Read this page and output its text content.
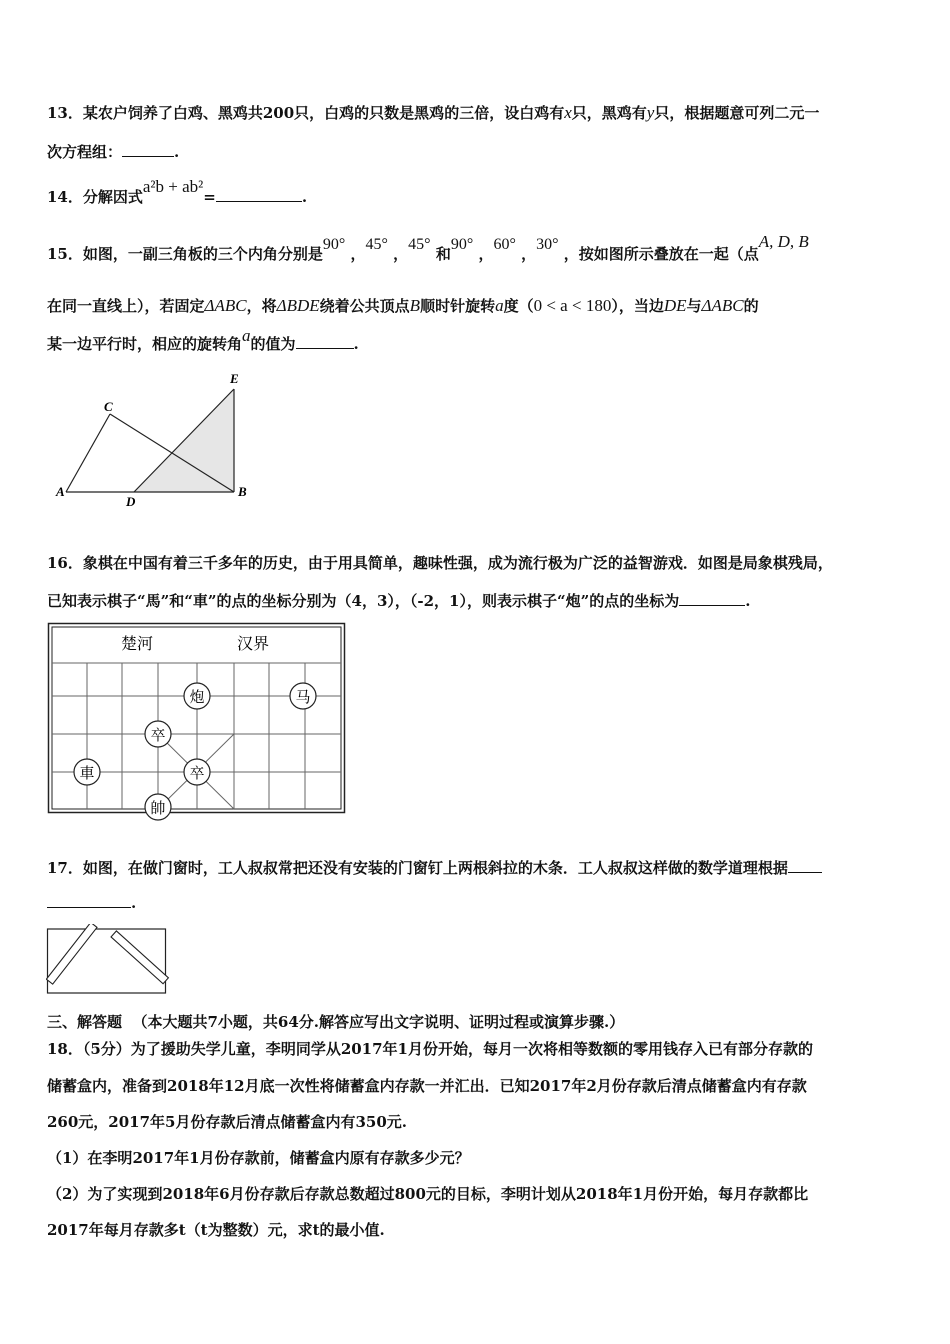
13．某农户饲养了白鸡、黑鸡共200只，白鸡的只数是黑鸡的三倍，设白鸡有x只，黑鸡有y只，根据题意可列二元一
次方程组：	.
14．分解因式a²b + ab²=	.
15．如图，一副三角板的三个内角分别是90° ，45° ，45° 和90° ，60° ，30° ，按如图所示叠放在一起（点A, D, B
在同一直线上），若固定ΔABC，将ΔBDE绕着公共顶点B顺时针旋转a度（0 < a < 180），当边DE与ΔABC的
某一边平行时，相应的旋转角a的值为	.
A
C
D
B
E
16．象棋在中国有着三千多年的历史，由于用具简单，趣味性强，成为流行极为广泛的益智游戏．如图是局象棋残局，
已知表示棋子“馬”和“車”的点的坐标分别为（4，3），（-2，1），则表示棋子“炮”的点的坐标为	.
楚河	汉界
炮	马
卒
車	卒
帥
17．如图，在做门窗时，工人叔叔常把还没有安装的门窗钉上两根斜拉的木条．工人叔叔这样做的数学道理根据
.
三、解答题 （本大题共7小题，共64分.解答应写出文字说明、证明过程或演算步骤.）
18．（5分）为了援助失学儿童，李明同学从2017年1月份开始，每月一次将相等数额的零用钱存入已有部分存款的
储蓄盒内，准备到2018年12月底一次性将储蓄盒内存款一并汇出．已知2017年2月份存款后清点储蓄盒内有存款
260元，2017年5月份存款后清点储蓄盒内有350元.
（1）在李明2017年1月份存款前，储蓄盒内原有存款多少元？
（2）为了实现到2018年6月份存款后存款总数超过800元的目标，李明计划从2018年1月份开始，每月存款都比
2017年每月存款多t（t为整数）元，求t的最小值.
